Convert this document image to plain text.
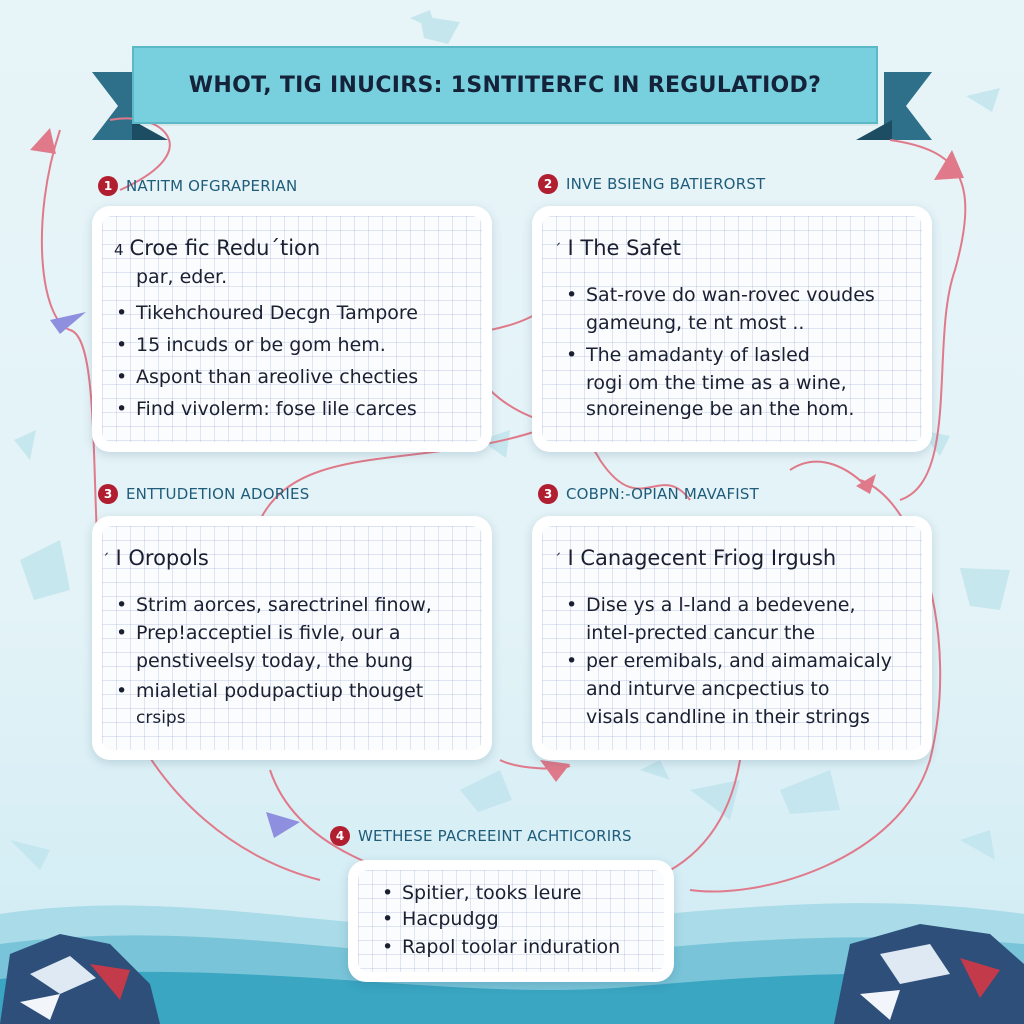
WHOT, TIG INUCIRS: 1SNTITERFC IN REGULATIOD?
1 NATITM OFGRAPERIAN
4 Croe fic Redu´tion
par, eder.
• Tikehchoured Decgn Tampore
• 15 incuds or be gom hem.
• Aspont than areolive checties
• Find vivolerm: fose lile carces
2 INVE BSIENG BATIERORST
´ I The Safet
• Sat-rove do wan-rovec voudes
gameung, te nt most ..
• The amadanty of lasled
rogi om the time as a wine,
snoreinenge be an the hom.
3 ENTTUDETION ADORIES
´ I Oropols
• Strim aorces, sarectrinel finow,
• Prep!acceptiel is fivle, our a
penstiveelsy today, the bung
• mialetial podupactiup thouget
crsips
3 COBPN:-OPIAN MAVAFIST
´ I Canagecent Friog Irgush
• Dise ys a l-land a bedevene,
intel-prected cancur the
• per eremibals, and aimamaicaly
and inturve ancpectius to
visals candline in their strings
4 WETHESE PACREEINT ACHTICORIRS
• Spitier, tooks leure
• Hacpudgg
• Rapol toolar induration
